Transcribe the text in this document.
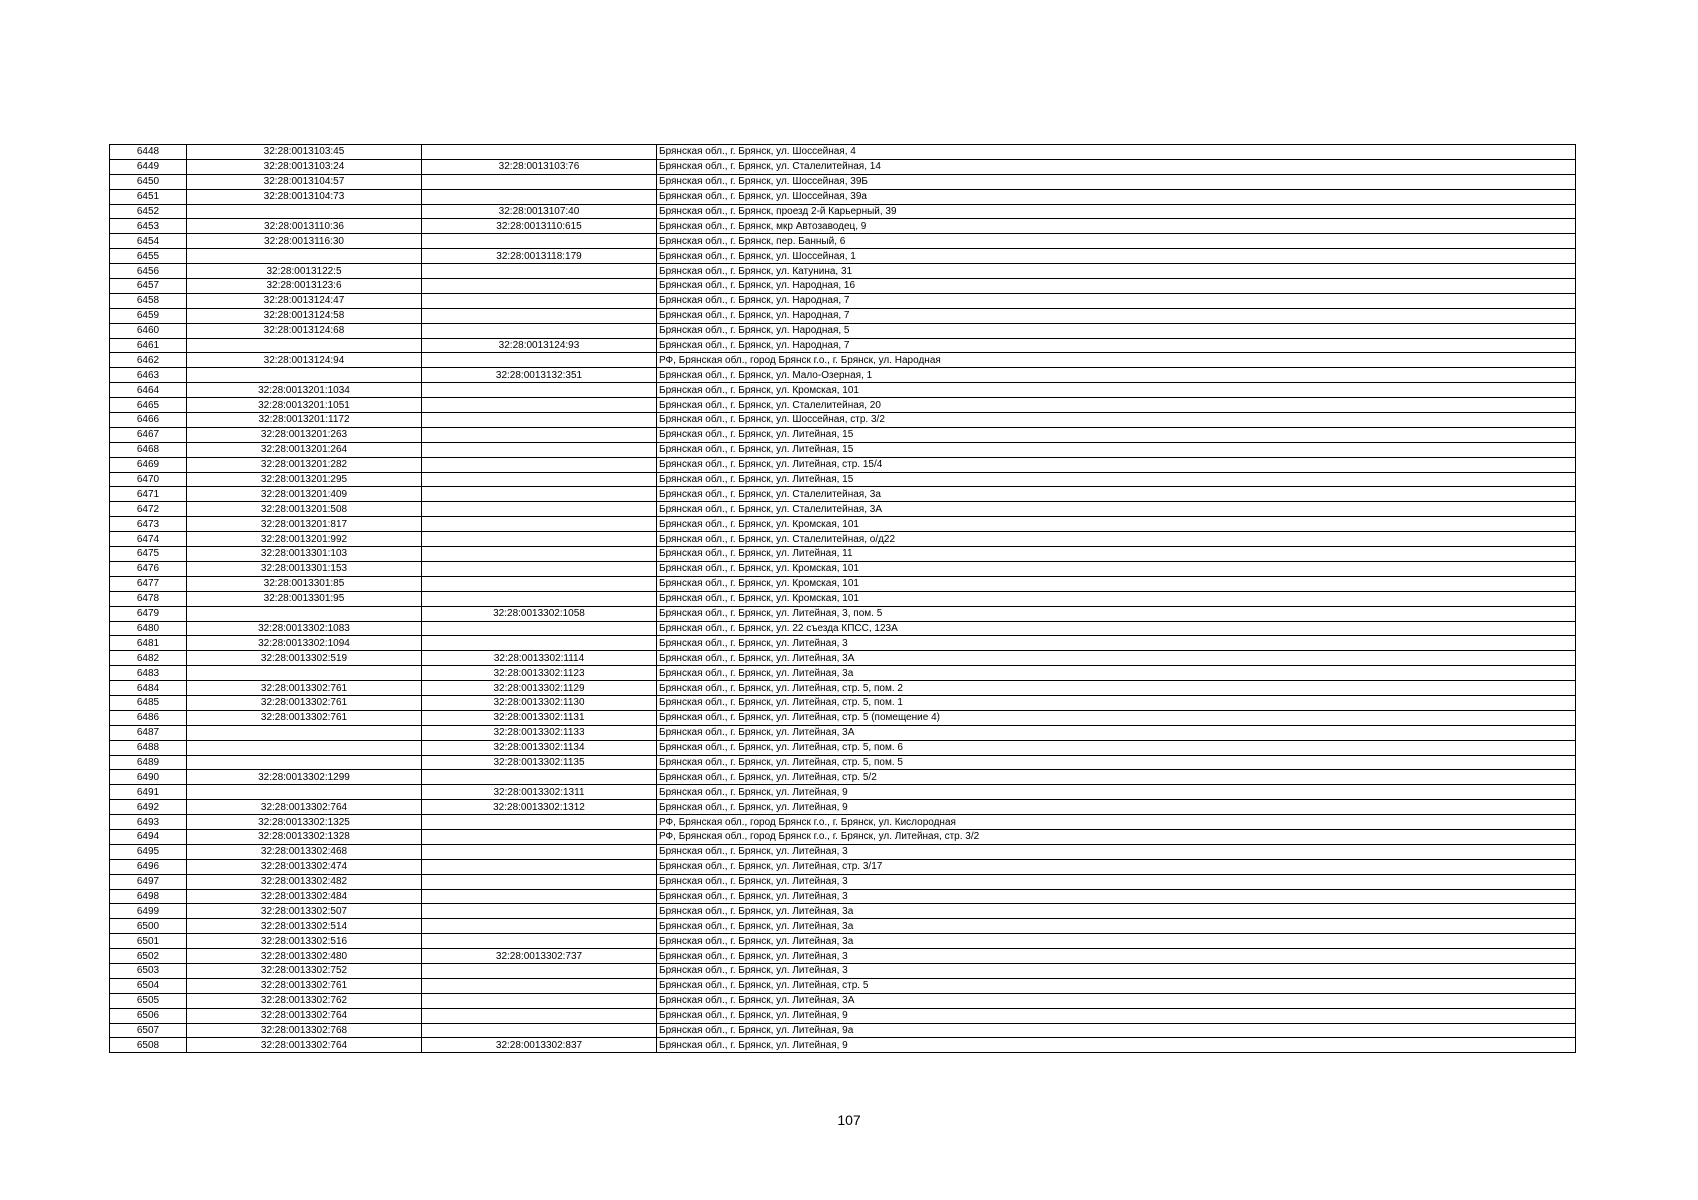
6448	32:28:0013103:45		Брянская обл., г. Брянск, ул. Шоссейная, 4
6449	32:28:0013103:24	32:28:0013103:76	Брянская обл., г. Брянск, ул. Сталелитейная, 14
6450	32:28:0013104:57		Брянская обл., г. Брянск, ул. Шоссейная, 39Б
6451	32:28:0013104:73		Брянская обл., г. Брянск, ул. Шоссейная, 39а
6452		32:28:0013107:40	Брянская обл., г. Брянск, проезд 2-й Карьерный, 39
6453	32:28:0013110:36	32:28:0013110:615	Брянская обл., г. Брянск, мкр Автозаводец, 9
6454	32:28:0013116:30		Брянская обл., г. Брянск, пер. Банный, 6
6455		32:28:0013118:179	Брянская обл., г. Брянск, ул. Шоссейная, 1
6456	32:28:0013122:5		Брянская обл., г. Брянск, ул. Катунина, 31
6457	32:28:0013123:6		Брянская обл., г. Брянск, ул. Народная, 16
6458	32:28:0013124:47		Брянская обл., г. Брянск, ул. Народная, 7
6459	32:28:0013124:58		Брянская обл., г. Брянск, ул. Народная, 7
6460	32:28:0013124:68		Брянская обл., г. Брянск, ул. Народная, 5
6461		32:28:0013124:93	Брянская обл., г. Брянск, ул. Народная, 7
6462	32:28:0013124:94		РФ, Брянская обл., город Брянск г.о., г. Брянск, ул. Народная
6463		32:28:0013132:351	Брянская обл., г. Брянск, ул. Мало-Озерная, 1
6464	32:28:0013201:1034		Брянская обл., г. Брянск, ул. Кромская, 101
6465	32:28:0013201:1051		Брянская обл., г. Брянск, ул. Сталелитейная, 20
6466	32:28:0013201:1172		Брянская обл., г. Брянск, ул. Шоссейная, стр. 3/2
6467	32:28:0013201:263		Брянская обл., г. Брянск, ул. Литейная, 15
6468	32:28:0013201:264		Брянская обл., г. Брянск, ул. Литейная, 15
6469	32:28:0013201:282		Брянская обл., г. Брянск, ул. Литейная, стр. 15/4
6470	32:28:0013201:295		Брянская обл., г. Брянск, ул. Литейная, 15
6471	32:28:0013201:409		Брянская обл., г. Брянск, ул. Сталелитейная, 3а
6472	32:28:0013201:508		Брянская обл., г. Брянск, ул. Сталелитейная, 3А
6473	32:28:0013201:817		Брянская обл., г. Брянск, ул. Кромская, 101
6474	32:28:0013201:992		Брянская обл., г. Брянск, ул. Сталелитейная, о/д22
6475	32:28:0013301:103		Брянская обл., г. Брянск, ул. Литейная, 11
6476	32:28:0013301:153		Брянская обл., г. Брянск, ул. Кромская, 101
6477	32:28:0013301:85		Брянская обл., г. Брянск, ул. Кромская, 101
6478	32:28:0013301:95		Брянская обл., г. Брянск, ул. Кромская, 101
6479		32:28:0013302:1058	Брянская обл., г. Брянск, ул. Литейная, 3, пом. 5
6480	32:28:0013302:1083		Брянская обл., г. Брянск, ул. 22 съезда КПСС, 123А
6481	32:28:0013302:1094		Брянская обл., г. Брянск, ул. Литейная, 3
6482	32:28:0013302:519	32:28:0013302:1114	Брянская обл., г. Брянск, ул. Литейная, 3А
6483		32:28:0013302:1123	Брянская обл., г. Брянск, ул. Литейная, 3а
6484	32:28:0013302:761	32:28:0013302:1129	Брянская обл., г. Брянск, ул. Литейная, стр. 5, пом. 2
6485	32:28:0013302:761	32:28:0013302:1130	Брянская обл., г. Брянск, ул. Литейная, стр. 5, пом. 1
6486	32:28:0013302:761	32:28:0013302:1131	Брянская обл., г. Брянск, ул. Литейная, стр. 5 (помещение 4)
6487		32:28:0013302:1133	Брянская обл., г. Брянск, ул. Литейная, 3А
6488		32:28:0013302:1134	Брянская обл., г. Брянск, ул. Литейная, стр. 5, пом. 6
6489		32:28:0013302:1135	Брянская обл., г. Брянск, ул. Литейная, стр. 5, пом. 5
6490	32:28:0013302:1299		Брянская обл., г. Брянск, ул. Литейная, стр. 5/2
6491		32:28:0013302:1311	Брянская обл., г. Брянск, ул. Литейная, 9
6492	32:28:0013302:764	32:28:0013302:1312	Брянская обл., г. Брянск, ул. Литейная, 9
6493	32:28:0013302:1325		РФ, Брянская обл., город Брянск г.о., г. Брянск, ул. Кислородная
6494	32:28:0013302:1328		РФ, Брянская обл., город Брянск г.о., г. Брянск, ул. Литейная, стр. 3/2
6495	32:28:0013302:468		Брянская обл., г. Брянск, ул. Литейная, 3
6496	32:28:0013302:474		Брянская обл., г. Брянск, ул. Литейная, стр. 3/17
6497	32:28:0013302:482		Брянская обл., г. Брянск, ул. Литейная, 3
6498	32:28:0013302:484		Брянская обл., г. Брянск, ул. Литейная, 3
6499	32:28:0013302:507		Брянская обл., г. Брянск, ул. Литейная, 3а
6500	32:28:0013302:514		Брянская обл., г. Брянск, ул. Литейная, 3а
6501	32:28:0013302:516		Брянская обл., г. Брянск, ул. Литейная, 3а
6502	32:28:0013302:480	32:28:0013302:737	Брянская обл., г. Брянск, ул. Литейная, 3
6503	32:28:0013302:752		Брянская обл., г. Брянск, ул. Литейная, 3
6504	32:28:0013302:761		Брянская обл., г. Брянск, ул. Литейная, стр. 5
6505	32:28:0013302:762		Брянская обл., г. Брянск, ул. Литейная, 3А
6506	32:28:0013302:764		Брянская обл., г. Брянск, ул. Литейная, 9
6507	32:28:0013302:768		Брянская обл., г. Брянск, ул. Литейная, 9а
6508	32:28:0013302:764	32:28:0013302:837	Брянская обл., г. Брянск, ул. Литейная, 9
107
